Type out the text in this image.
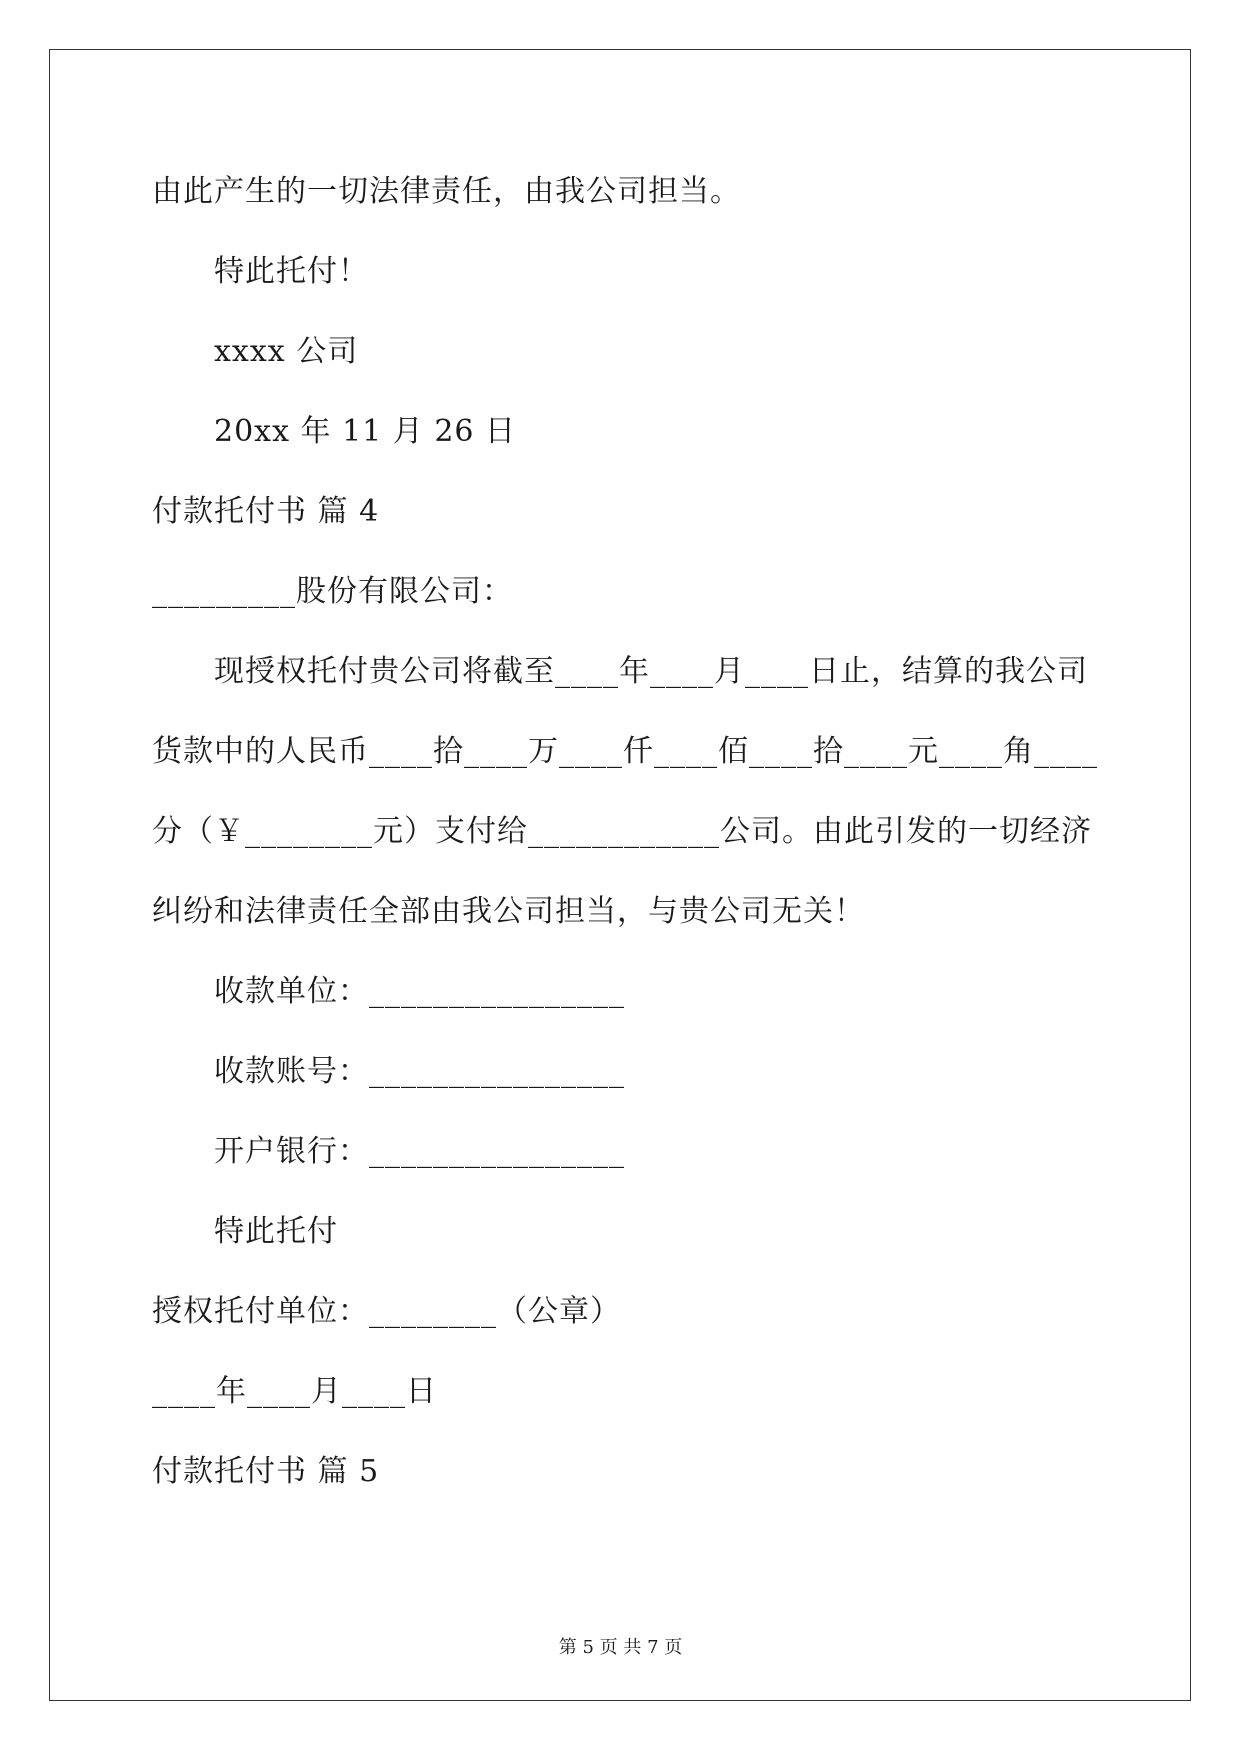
由此产生的一切法律责任，由我公司担当。
特此托付！
xxxx 公司
20xx 年 11 月 26 日
付款托付书 篇 4
_________股份有限公司：
现授权托付贵公司将截至____年____月____日止，结算的我公司
货款中的人民币____拾____万____仟____佰____拾____元____角____
分（￥________元）支付给____________公司。由此引发的一切经济
纠纷和法律责任全部由我公司担当，与贵公司无关！
收款单位：________________
收款账号：________________
开户银行：________________
特此托付
授权托付单位：________（公章）
____年____月____日
付款托付书 篇 5
第 5 页 共 7 页
